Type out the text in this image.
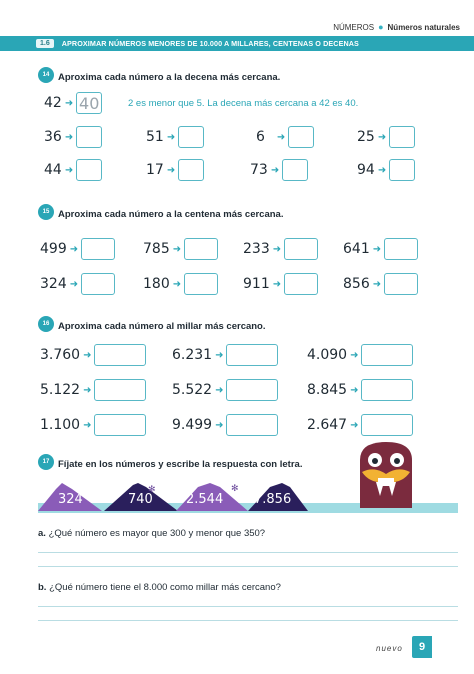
NÚMEROS ● Números naturales
1.6	APROXIMAR NÚMEROS MENORES DE 10.000 A MILLARES, CENTENAS O DECENAS
14 Aproxima cada número a la decena más cercana.
42 ➜ 40	2 es menor que 5. La decena más cercana a 42 es 40.
36 ➜	51 ➜	6 ➜	25 ➜
44 ➜	17 ➜	73 ➜	94 ➜
15 Aproxima cada número a la centena más cercana.
499 ➜	785 ➜	233 ➜	641 ➜
324 ➜	180 ➜	911 ➜	856 ➜
16 Aproxima cada número al millar más cercano.
3.760 ➜	6.231 ➜	4.090 ➜
5.122 ➜	5.522 ➜	8.845 ➜
1.100 ➜	9.499 ➜	2.647 ➜
17 Fíjate en los números y escribe la respuesta con letra.
✻	✻
324	740	2.544 7.856
a. ¿Qué número es mayor que 300 y menor que 350?
b. ¿Qué número tiene el 8.000 como millar más cercano?
nuevo	9
